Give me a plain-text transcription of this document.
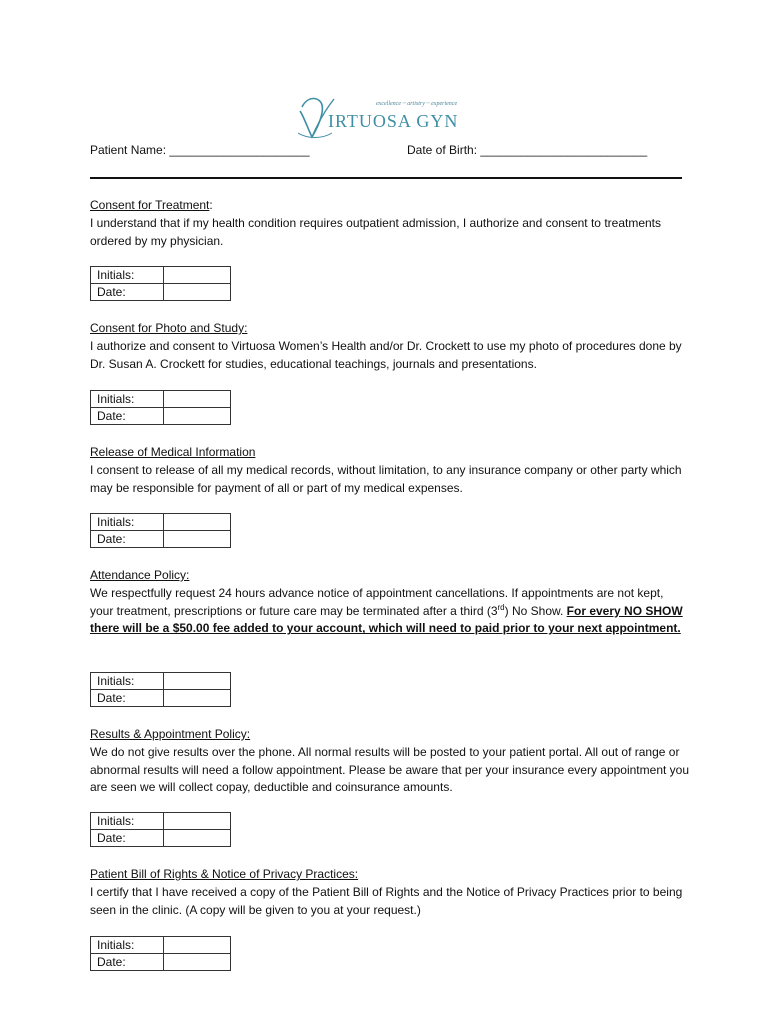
excellence ~ artistry ~ experience
IRTUOSA GYN
Patient Name: _____________________	Date of Birth: _________________________
Consent for Treatment:

I understand that if my health condition requires outpatient admission, I authorize and consent to treatments ordered by my physician.

Initials:	
Date:	
Consent for Photo and Study:

I authorize and consent to Virtuosa Women’s Health and/or Dr. Crockett to use my photo of procedures done by Dr. Susan A. Crockett for studies, educational teachings, journals and presentations.

Initials:	
Date:	
Release of Medical Information

I consent to release of all my medical records, without limitation, to any insurance company or other party which may be responsible for payment of all or part of my medical expenses.

Initials:	
Date:	
Attendance Policy:

We respectfully request 24 hours advance notice of appointment cancellations. If appointments are not kept, your treatment, prescriptions or future care may be terminated after a third (3rd) No Show. For every NO SHOW there will be a $50.00 fee added to your account, which will need to paid prior to your next appointment.

Initials:	
Date:	
Results & Appointment Policy:

We do not give results over the phone. All normal results will be posted to your patient portal. All out of range or abnormal results will need a follow appointment. Please be aware that per your insurance every appointment you are seen we will collect copay, deductible and coinsurance amounts.

Initials:	
Date:	
Patient Bill of Rights & Notice of Privacy Practices:

I certify that I have received a copy of the Patient Bill of Rights and the Notice of Privacy Practices prior to being seen in the clinic. (A copy will be given to you at your request.)

Initials:	
Date:	
